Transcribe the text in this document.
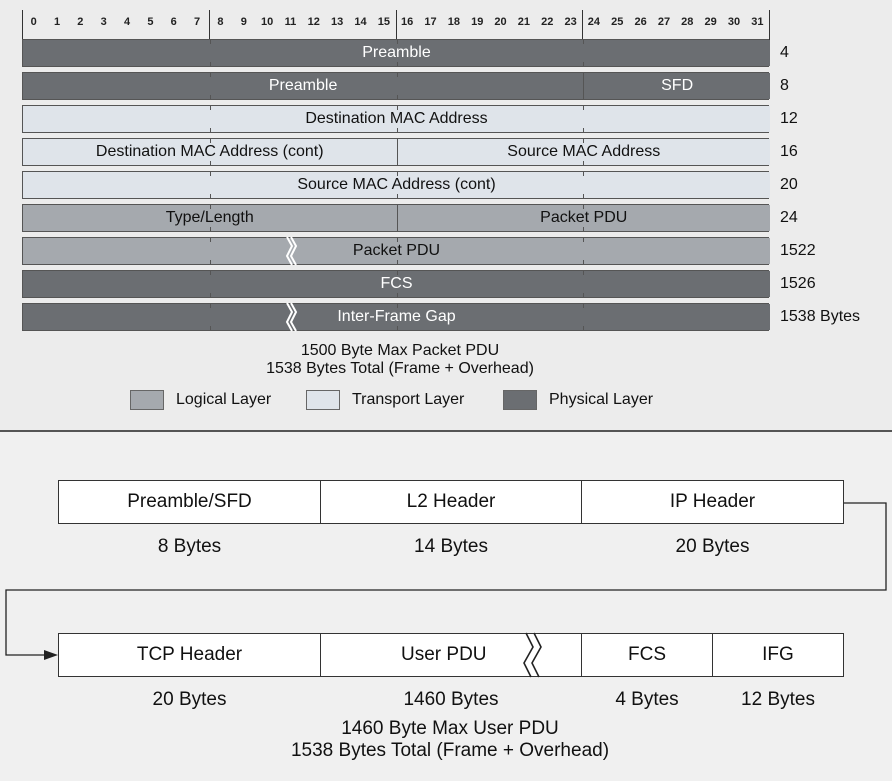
0	1	2	3	4	5	6	7	8	9	10	11	12	13	14	15	16	17	18	19	20	21	22	23	24	25	26	27	28	29	30	31
Preamble	4
Preamble	SFD	8
Destination MAC Address	12
Destination MAC Address (cont)	Source MAC Address	16
Source MAC Address (cont)	20
Type/Length	Packet PDU	24
Packet PDU	1522
FCS	1526
Inter-Frame Gap	1538 Bytes
1500 Byte Max Packet PDU
1538 Bytes Total (Frame + Overhead)
Logical Layer	Transport Layer	Physical Layer
Preamble/SFD	L2 Header	IP Header
8 Bytes	14 Bytes	20 Bytes
TCP Header	User PDU	FCS	IFG
20 Bytes	1460 Bytes	4 Bytes	12 Bytes
1460 Byte Max User PDU
1538 Bytes Total (Frame + Overhead)
